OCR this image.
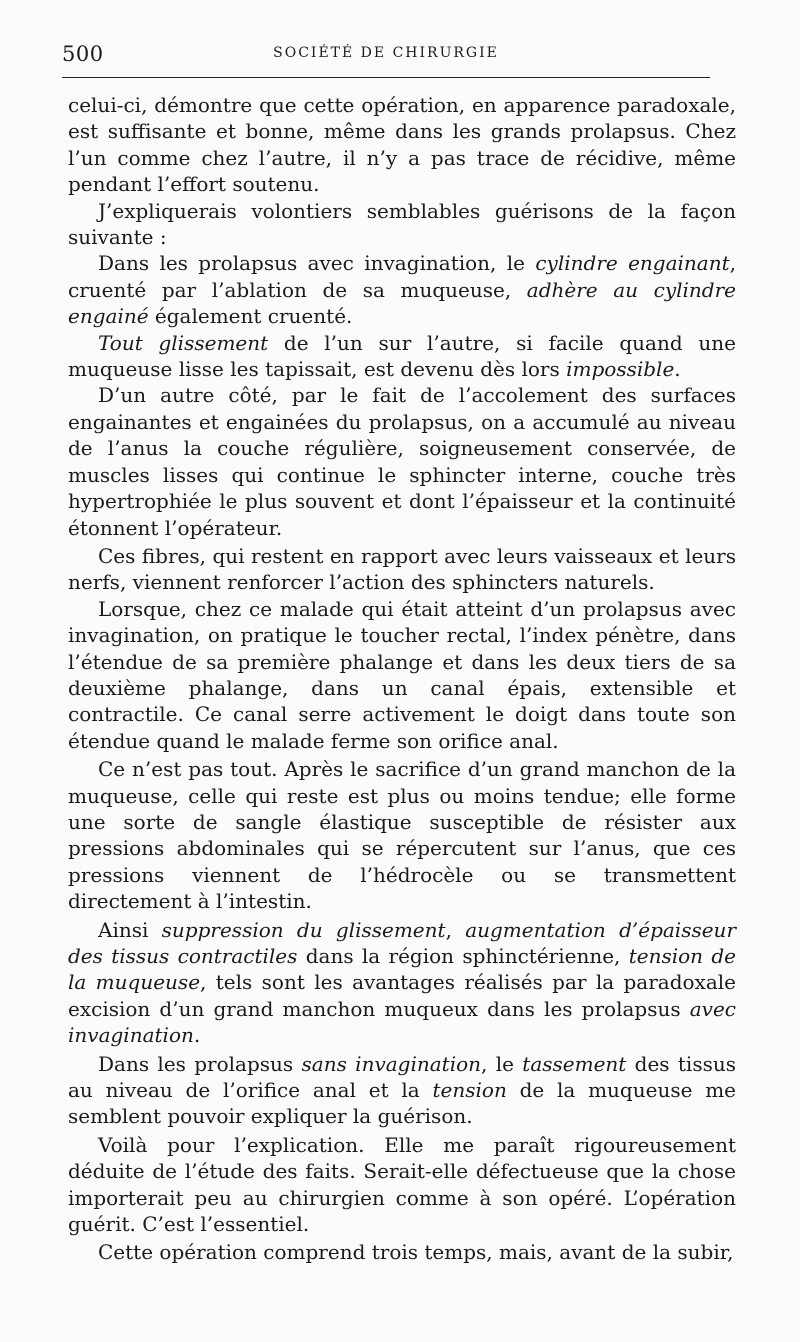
500	SOCIÉTÉ DE CHIRURGIE

celui-ci, démontre que cette opération, en apparence paradoxale, est suffisante et bonne, même dans les grands prolapsus. Chez l’un comme chez l’autre, il n’y a pas trace de récidive, même pendant l’effort soutenu.

J’expliquerais volontiers semblables guérisons de la façon suivante :

Dans les prolapsus avec invagination, le cylindre engainant, cruenté par l’ablation de sa muqueuse, adhère au cylindre engainé également cruenté.

Tout glissement de l’un sur l’autre, si facile quand une muqueuse lisse les tapissait, est devenu dès lors impossible.

D’un autre côté, par le fait de l’accolement des surfaces engainantes et engainées du prolapsus, on a accumulé au niveau de l’anus la couche régulière, soigneusement conservée, de muscles lisses qui continue le sphincter interne, couche très hypertrophiée le plus souvent et dont l’épaisseur et la continuité étonnent l’opérateur.

Ces fibres, qui restent en rapport avec leurs vaisseaux et leurs nerfs, viennent renforcer l’action des sphincters naturels.

Lorsque, chez ce malade qui était atteint d’un prolapsus avec invagination, on pratique le toucher rectal, l’index pénètre, dans l’étendue de sa première phalange et dans les deux tiers de sa deuxième phalange, dans un canal épais, extensible et contractile. Ce canal serre activement le doigt dans toute son étendue quand le malade ferme son orifice anal.

Ce n’est pas tout. Après le sacrifice d’un grand manchon de la muqueuse, celle qui reste est plus ou moins tendue; elle forme une sorte de sangle élastique susceptible de résister aux pressions abdominales qui se répercutent sur l’anus, que ces pressions viennent de l’hédrocèle ou se transmettent directement à l’intestin.

Ainsi suppression du glissement, augmentation d’épaisseur des tissus contractiles dans la région sphinctérienne, tension de la muqueuse, tels sont les avantages réalisés par la paradoxale excision d’un grand manchon muqueux dans les prolapsus avec invagination.

Dans les prolapsus sans invagination, le tassement des tissus au niveau de l’orifice anal et la tension de la muqueuse me semblent pouvoir expliquer la guérison.

Voilà pour l’explication. Elle me paraît rigoureusement déduite de l’étude des faits. Serait-elle défectueuse que la chose importerait peu au chirurgien comme à son opéré. L’opération guérit. C’est l’essentiel.

Cette opération comprend trois temps, mais, avant de la subir,
